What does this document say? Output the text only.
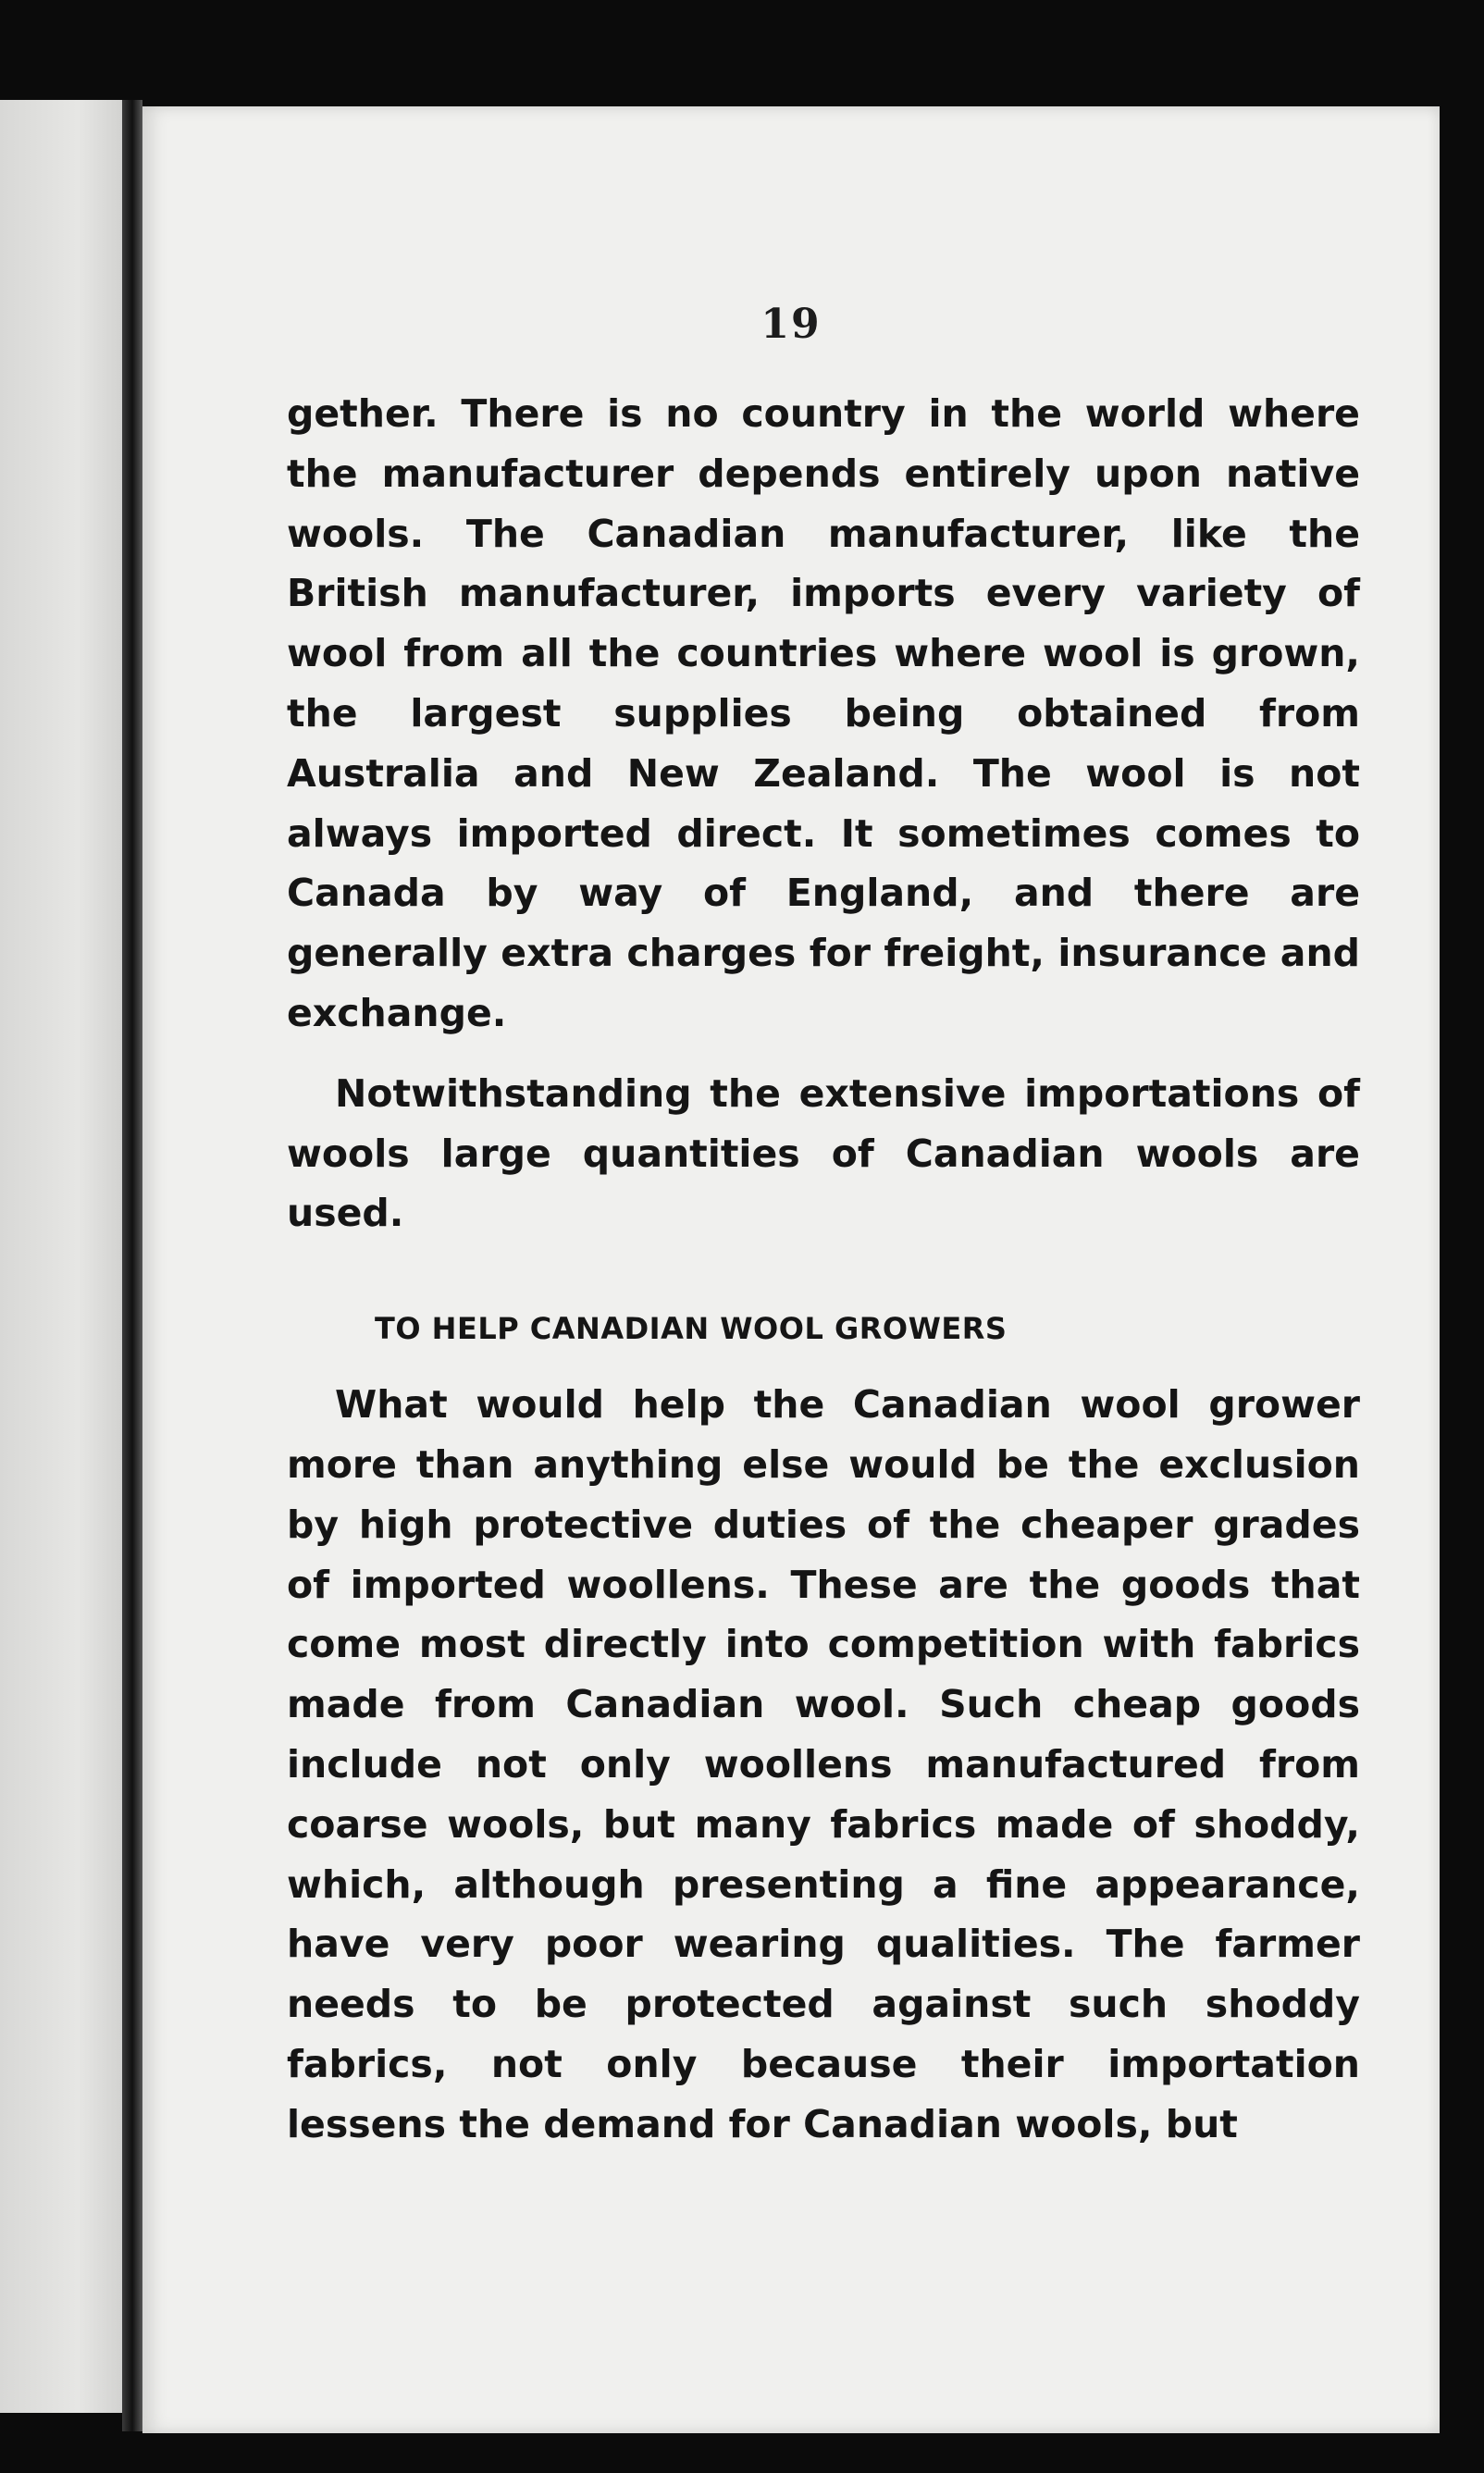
19

gether. There is no country in the world where the manufacturer depends entirely upon native wools. The Canadian manufacturer, like the British manufacturer, imports every variety of wool from all the countries where wool is grown, the largest supplies being obtained from Australia and New Zealand. The wool is not always imported direct. It sometimes comes to Canada by way of England, and there are generally extra charges for freight, insurance and exchange.

Notwithstanding the extensive importations of wools large quantities of Canadian wools are used.

TO HELP CANADIAN WOOL GROWERS

What would help the Canadian wool grower more than anything else would be the exclusion by high protective duties of the cheaper grades of imported woollens. These are the goods that come most directly into competition with fabrics made from Canadian wool. Such cheap goods include not only woollens manufactured from coarse wools, but many fabrics made of shoddy, which, although presenting a fine appearance, have very poor wearing qualities. The farmer needs to be protected against such shoddy fabrics, not only because their importation lessens the demand for Canadian wools, but
